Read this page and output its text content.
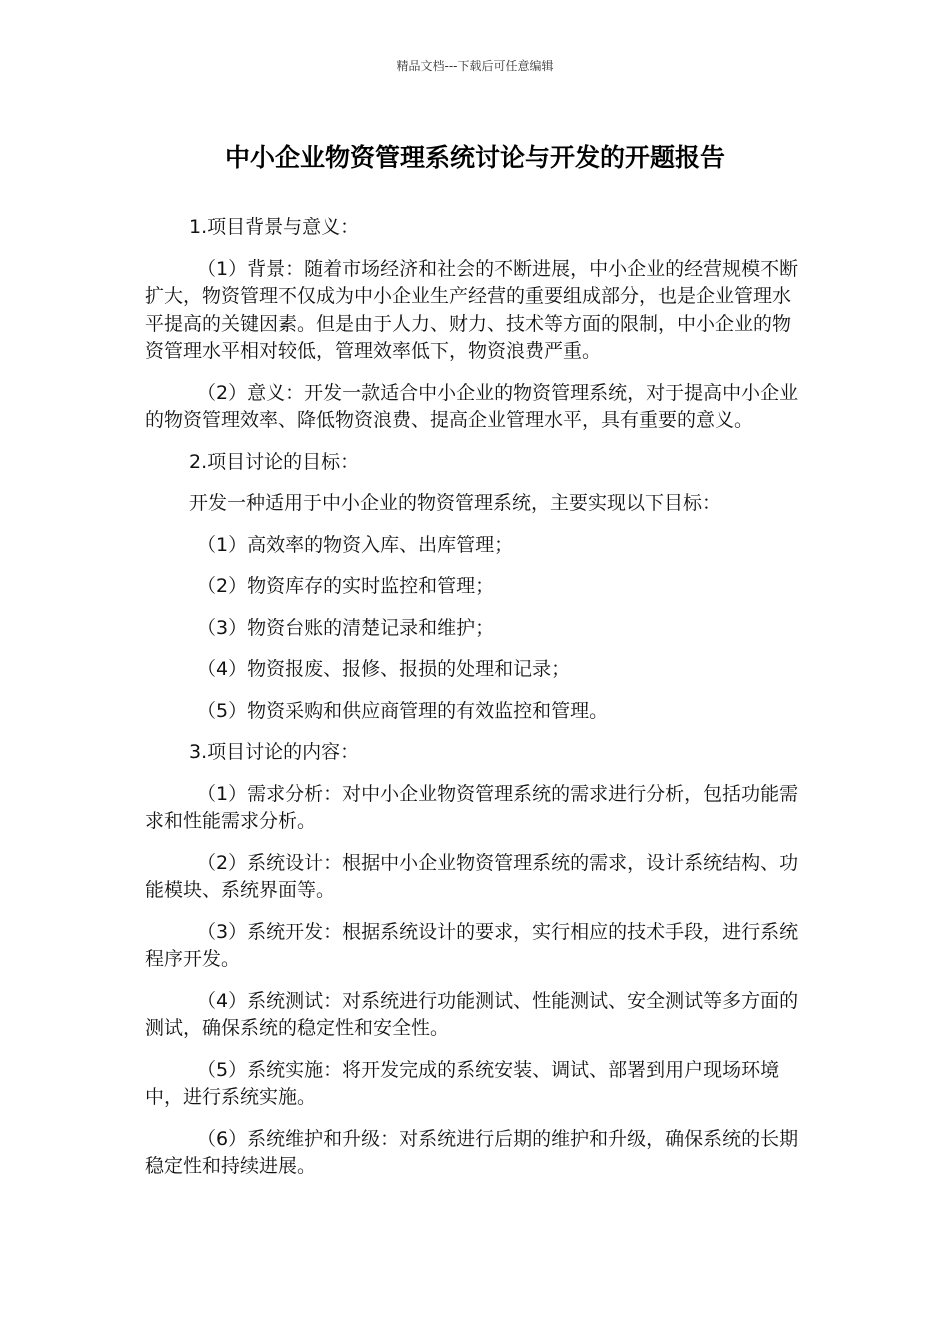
精品文档---下载后可任意编辑
中小企业物资管理系统讨论与开发的开题报告

1.项目背景与意义：

（1）背景：随着市场经济和社会的不断进展，中小企业的经营规模不断扩大，物资管理不仅成为中小企业生产经营的重要组成部分，也是企业管理水平提高的关键因素。但是由于人力、财力、技术等方面的限制，中小企业的物资管理水平相对较低，管理效率低下，物资浪费严重。

（2）意义：开发一款适合中小企业的物资管理系统，对于提高中小企业的物资管理效率、降低物资浪费、提高企业管理水平，具有重要的意义。

2.项目讨论的目标：

开发一种适用于中小企业的物资管理系统，主要实现以下目标：

（1）高效率的物资入库、出库管理；

（2）物资库存的实时监控和管理；

（3）物资台账的清楚记录和维护；

（4）物资报废、报修、报损的处理和记录；

（5）物资采购和供应商管理的有效监控和管理。

3.项目讨论的内容：

（1）需求分析：对中小企业物资管理系统的需求进行分析，包括功能需求和性能需求分析。

（2）系统设计：根据中小企业物资管理系统的需求，设计系统结构、功能模块、系统界面等。

（3）系统开发：根据系统设计的要求，实行相应的技术手段，进行系统程序开发。

（4）系统测试：对系统进行功能测试、性能测试、安全测试等多方面的测试，确保系统的稳定性和安全性。

（5）系统实施：将开发完成的系统安装、调试、部署到用户现场环境中，进行系统实施。

（6）系统维护和升级：对系统进行后期的维护和升级，确保系统的长期稳定性和持续进展。
